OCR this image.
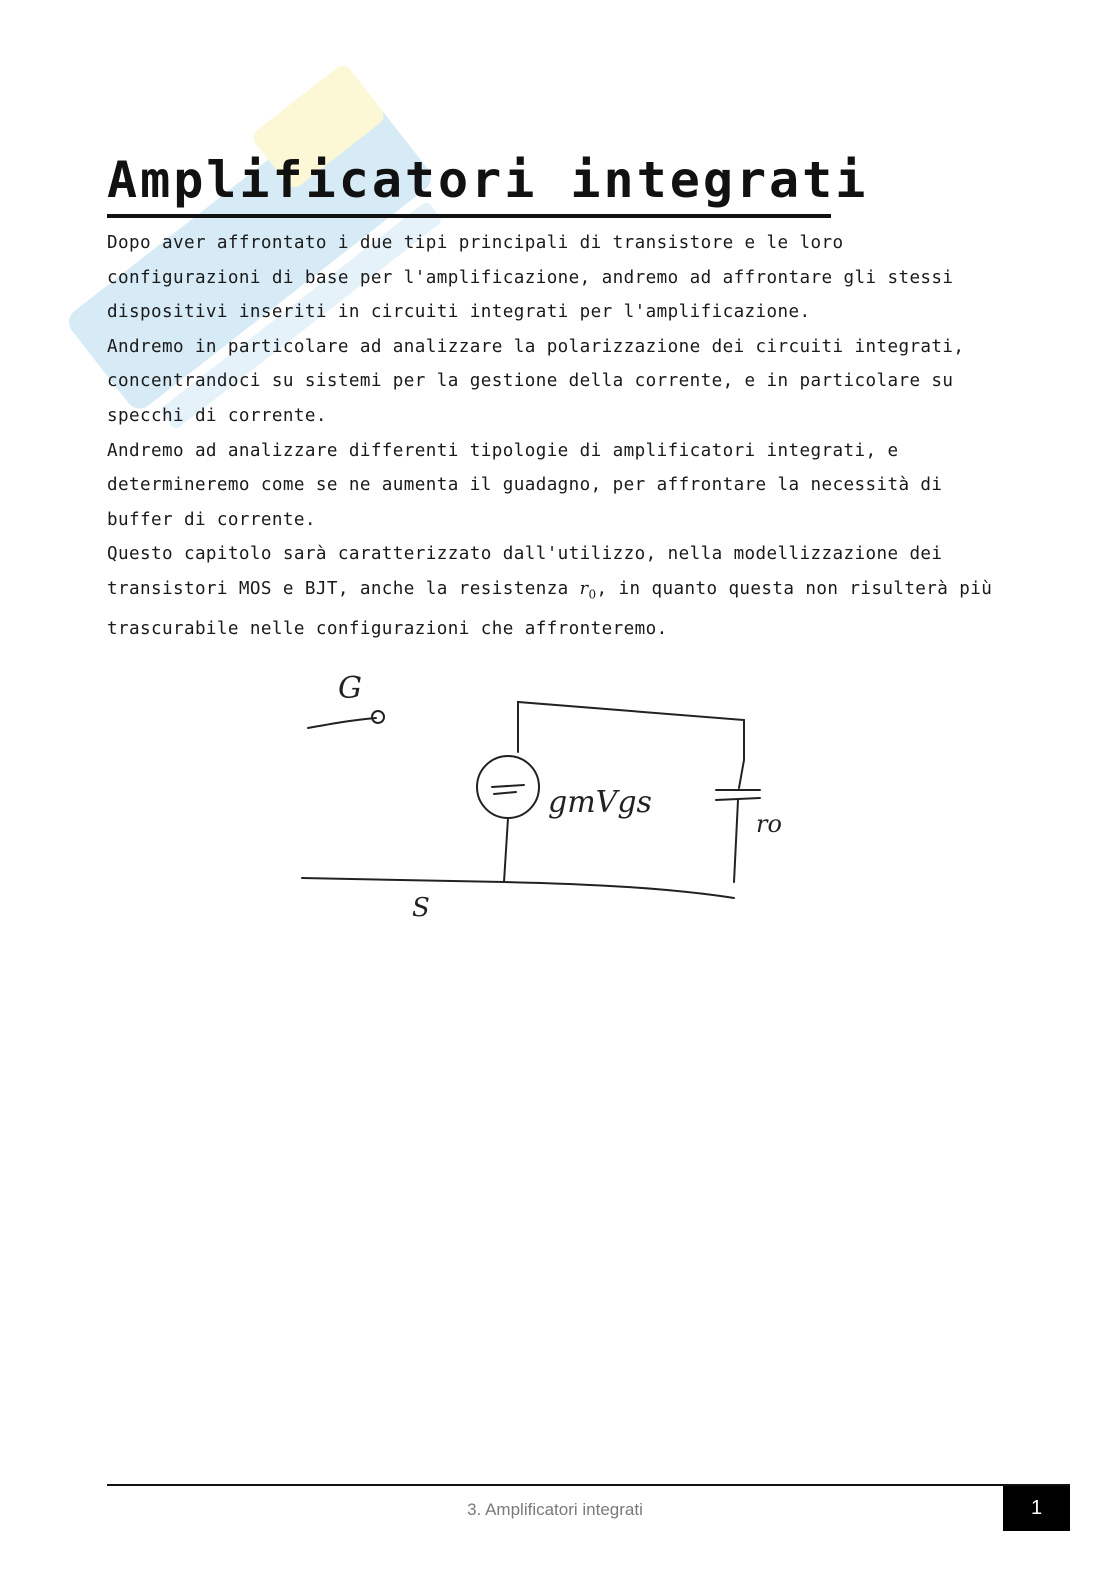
Amplificatori integrati

Dopo aver affrontato i due tipi principali di transistore e le loro configurazioni di base per l'amplificazione, andremo ad affrontare gli stessi dispositivi inseriti in circuiti integrati per l'amplificazione.

Andremo in particolare ad analizzare la polarizzazione dei circuiti integrati, concentrandoci su sistemi per la gestione della corrente, e in particolare su specchi di corrente.

Andremo ad analizzare differenti tipologie di amplificatori integrati, e determineremo come se ne aumenta il guadagno, per affrontare la necessità di buffer di corrente.

Questo capitolo sarà caratterizzato dall'utilizzo, nella modellizzazione dei transistori MOS e BJT, anche la resistenza $r_0$, in quanto questa non risulterà più trascurabile nelle configurazioni che affronteremo.

G
gmVgs
ro
S
3. Amplificatori integrati	1
